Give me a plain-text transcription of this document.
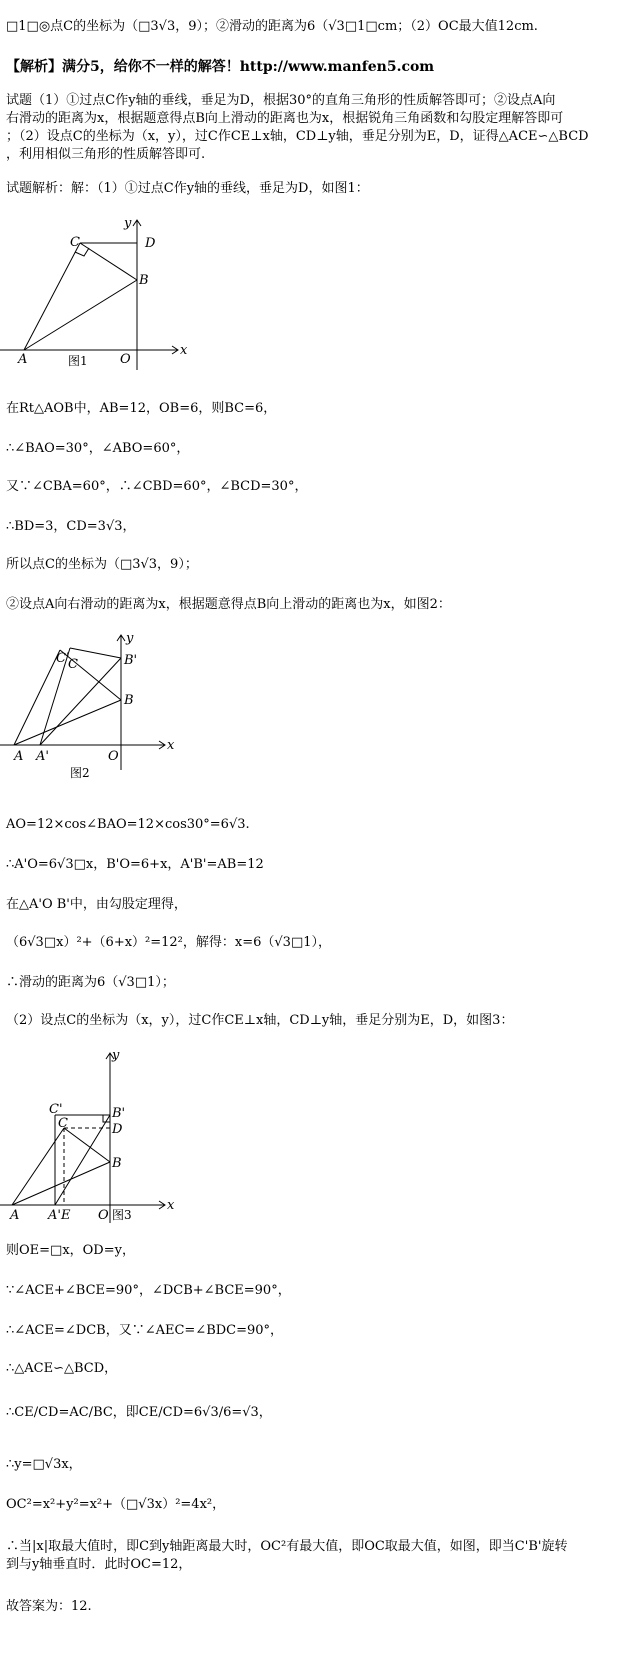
□1□◎点C的坐标为（□3√3，9）；②滑动的距离为6（√3□1□cm；（2）OC最大值12cm.
【解析】满分5，给你不一样的解答！http://www.manfen5.com
试题（1）①过点C作y轴的垂线，垂足为D，根据30°的直角三角形的性质解答即可；②设点A向
右滑动的距离为x，根据题意得点B向上滑动的距离也为x，根据锐角三角函数和勾股定理解答即可
；（2）设点C的坐标为（x，y），过C作CE⊥x轴，CD⊥y轴，垂足分别为E，D，证得△ACE∽△BCD
，利用相似三角形的性质解答即可.
试题解析：解：（1）①过点C作y轴的垂线，垂足为D，如图1：
y
x
C	D
B
A	O
图1
在Rt△AOB中，AB=12，OB=6，则BC=6，
∴∠BAO=30°，∠ABO=60°，
又∵∠CBA=60°，∴∠CBD=60°，∠BCD=30°，
∴BD=3，CD=3√3，
所以点C的坐标为（□3√3，9）；
②设点A向右滑动的距离为x，根据题意得点B向上滑动的距离也为x，如图2：
y
x
C'
C	B'
B
A A'	O
图2
AO=12×cos∠BAO=12×cos30°=6√3.
∴A'O=6√3□x，B'O=6+x，A'B'=AB=12
在△A'O B'中，由勾股定理得，
（6√3□x）²+（6+x）²=12²，解得：x=6（√3□1），
∴滑动的距离为6（√3□1）；
（2）设点C的坐标为（x，y），过C作CE⊥x轴，CD⊥y轴，垂足分别为E，D，如图3：
y
x
C'
C
B'
D
B
A A'E O 图3
则OE=□x，OD=y，
∵∠ACE+∠BCE=90°，∠DCB+∠BCE=90°，
∴∠ACE=∠DCB，又∵∠AEC=∠BDC=90°，
∴△ACE∽△BCD，
∴CE/CD=AC/BC，即CE/CD=6√3/6=√3，
∴y=□√3x，
OC²=x²+y²=x²+（□√3x）²=4x²，
∴当|x|取最大值时，即C到y轴距离最大时，OC²有最大值，即OC取最大值，如图，即当C'B'旋转
到与y轴垂直时．此时OC=12，
故答案为：12.
